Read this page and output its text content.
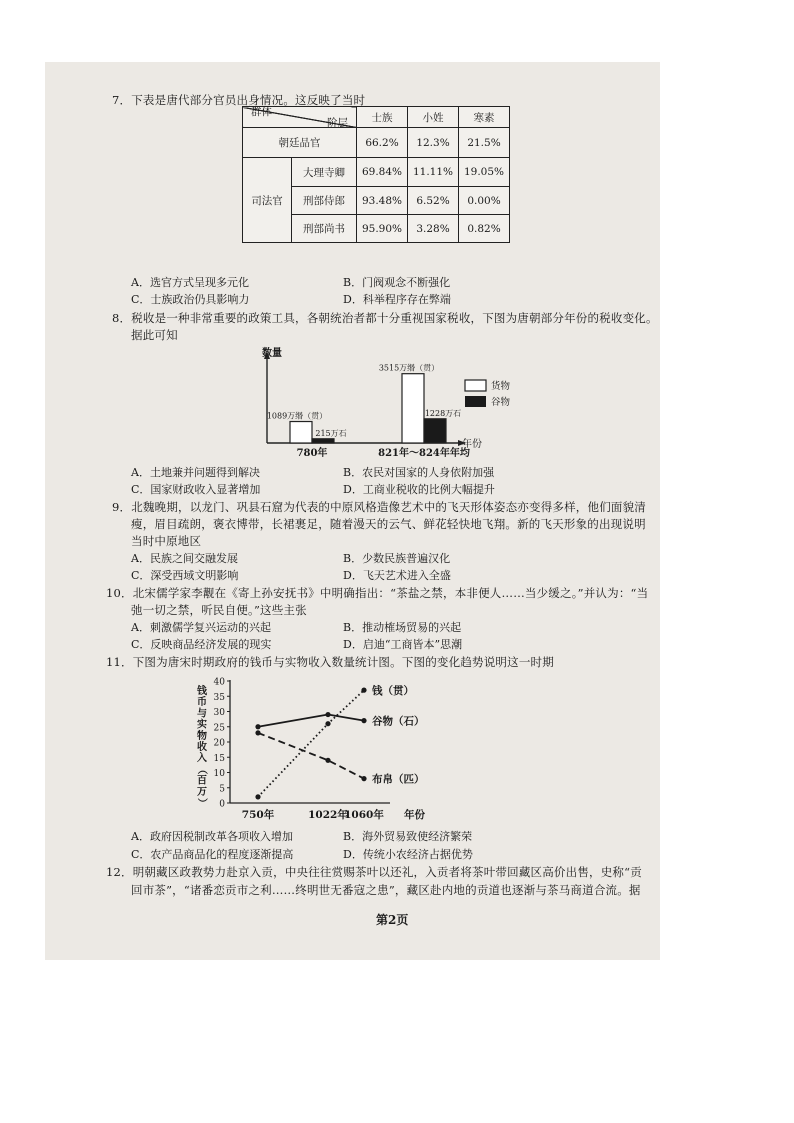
7．下表是唐代部分官员出身情况。这反映了当时
阶层
群体		士族	小姓	寒素
朝廷品官		66.2%	12.3%	21.5%
司法官	大理寺卿	69.84%	11.11%	19.05%
	刑部侍郎	93.48%	6.52%	0.00%
	刑部尚书	95.90%	3.28%	0.82%
A．选官方式呈现多元化	B．门阀观念不断强化
C．士族政治仍具影响力	D．科举程序存在弊端
8．税收是一种非常重要的政策工具，各朝统治者都十分重视国家税收，下图为唐朝部分年份的税收变化。
据此可知
数量
年份
1089万缗（贯）
215万石
780年
3515万缗（贯）
1228万石
821年～824年年均
货物
谷物
A．土地兼并问题得到解决	B．农民对国家的人身依附加强
C．国家财政收入显著增加	D．工商业税收的比例大幅提升
9．北魏晚期，以龙门、巩县石窟为代表的中原风格造像艺术中的飞天形体姿态亦变得多样，他们面貌清
瘦，眉目疏朗，褒衣博带，长裙裹足，随着漫天的云气、鲜花轻快地飞翔。新的飞天形象的出现说明
当时中原地区
A．民族之间交融发展	B．少数民族普遍汉化
C．深受西域文明影响	D．飞天艺术进入全盛
10．北宋儒学家李觏在《寄上孙安抚书》中明确指出：“茶盐之禁，本非便人……当少缓之。”并认为：“当
弛一切之禁，听民自便。”这些主张
A．刺激儒学复兴运动的兴起	B．推动榷场贸易的兴起
C．反映商品经济发展的现实	D．启迪“工商皆本”思潮
11．下图为唐宋时期政府的钱币与实物收入数量统计图。下图的变化趋势说明这一时期
钱
币
与
实
物
收
入
（
百
万
） 0
5
10
15
20
25
30
35
40
750年	1022年
1060年
钱（贯）
谷物（石）
布帛（匹）
年份
A．政府因税制改革各项收入增加	B．海外贸易致使经济繁荣
C．农产品商品化的程度逐渐提高	D．传统小农经济占据优势
12．明朝藏区政教势力赴京入贡，中央往往赏赐茶叶以还礼，入贡者将茶叶带回藏区高价出售，史称“贡
回市茶”，“诸番恋贡市之利……终明世无番寇之患”，藏区赴内地的贡道也逐渐与茶马商道合流。据
第2页
